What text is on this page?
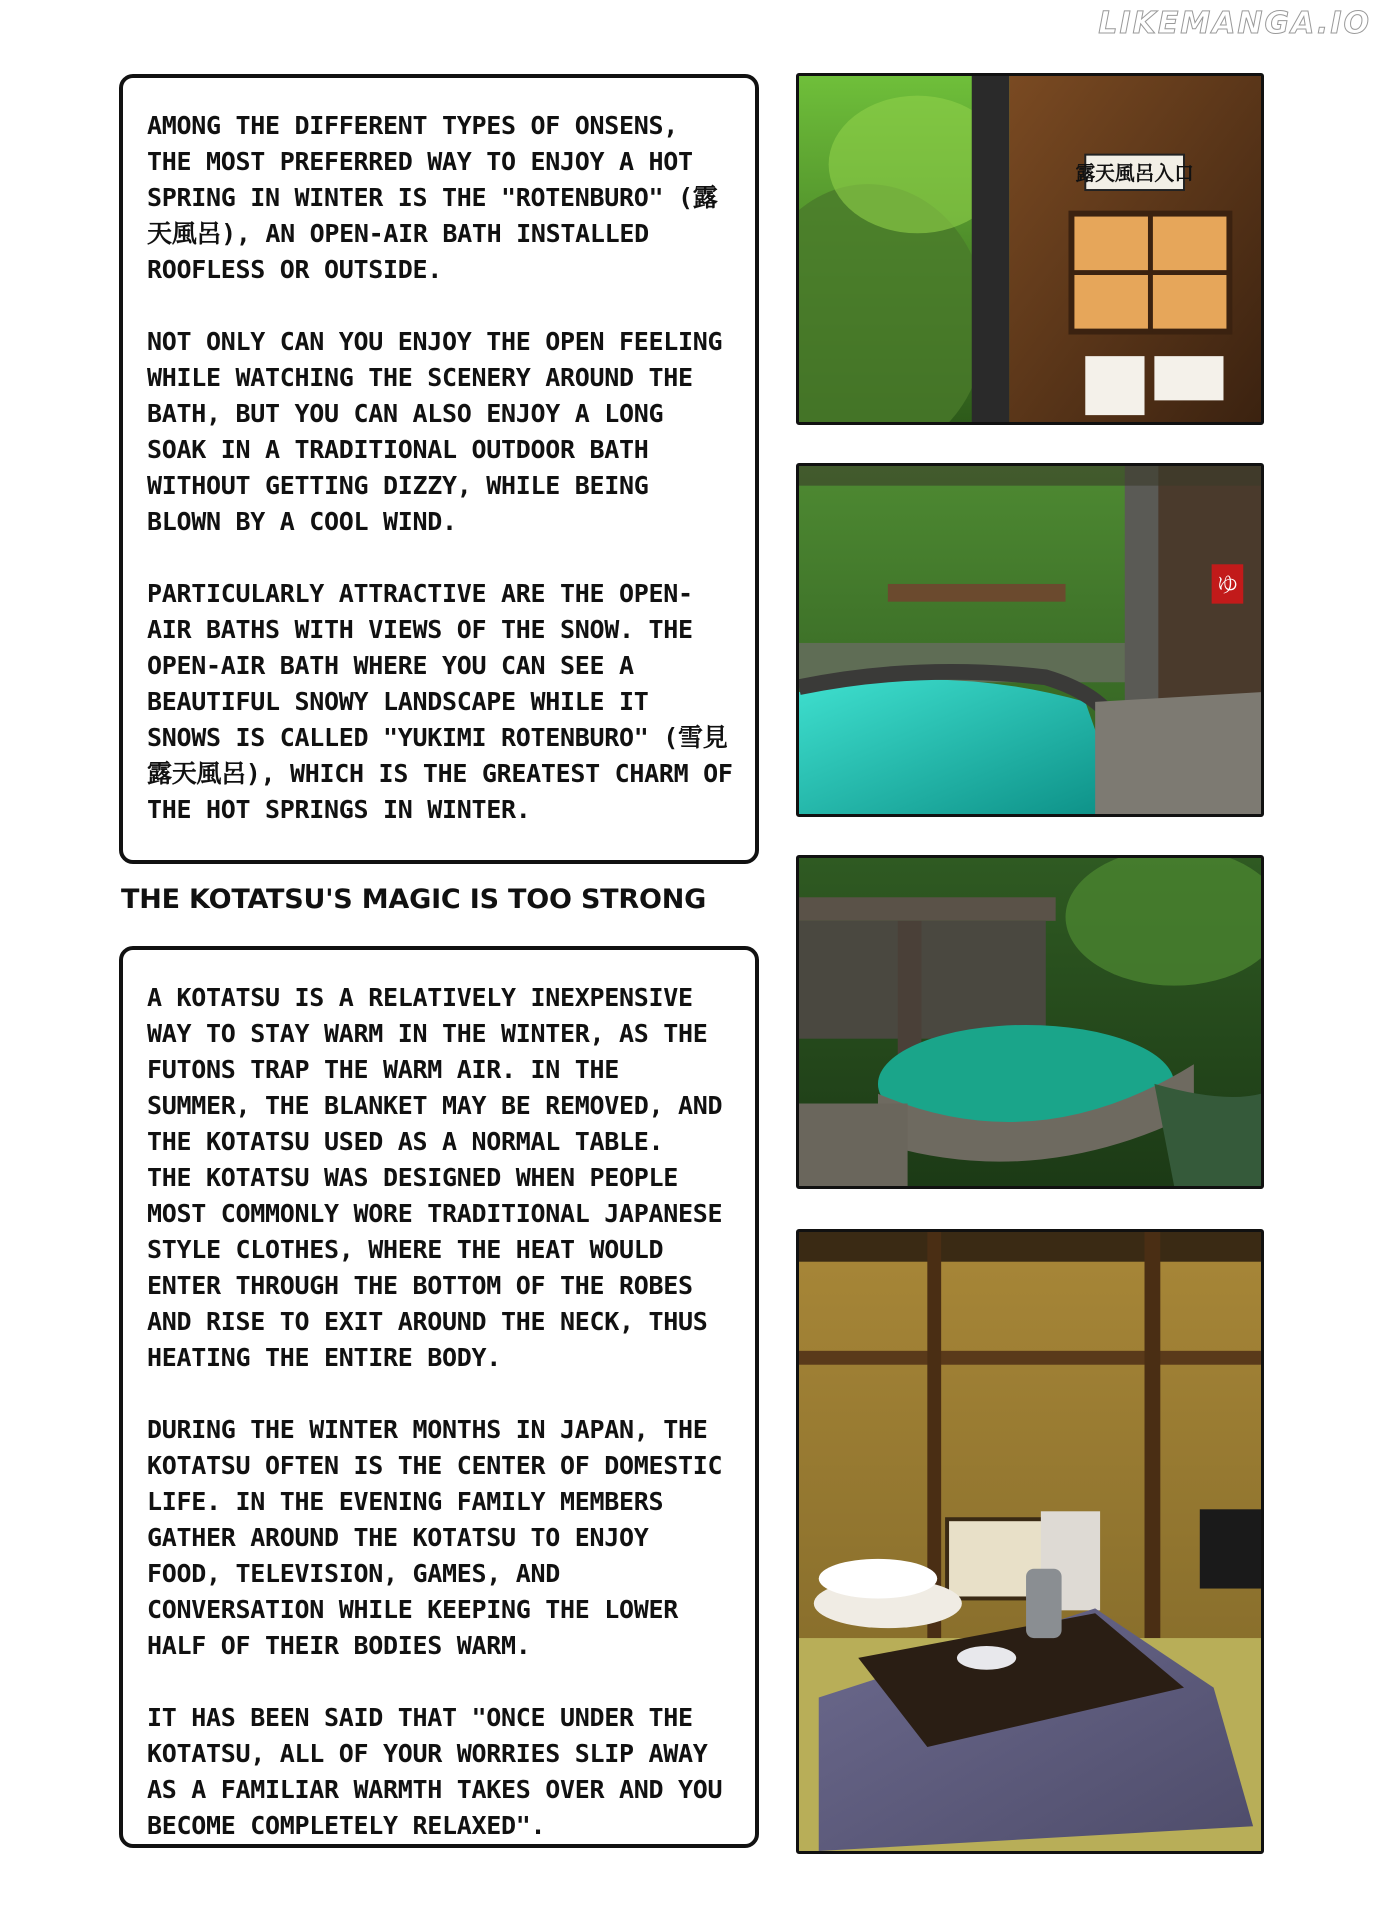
LIKEMANGA.IO

AMONG THE DIFFERENT TYPES OF ONSENS, THE MOST PREFERRED WAY TO ENJOY A HOT SPRING IN WINTER IS THE "ROTENBURO" (露天風呂), AN OPEN-AIR BATH INSTALLED ROOFLESS OR OUTSIDE.

NOT ONLY CAN YOU ENJOY THE OPEN FEELING WHILE WATCHING THE SCENERY AROUND THE BATH, BUT YOU CAN ALSO ENJOY A LONG SOAK IN A TRADITIONAL OUTDOOR BATH WITHOUT GETTING DIZZY, WHILE BEING BLOWN BY A COOL WIND.

PARTICULARLY ATTRACTIVE ARE THE OPEN-AIR BATHS WITH VIEWS OF THE SNOW. THE OPEN-AIR BATH WHERE YOU CAN SEE A BEAUTIFUL SNOWY LANDSCAPE WHILE IT SNOWS IS CALLED "YUKIMI ROTENBURO" (雪見露天風呂), WHICH IS THE GREATEST CHARM OF THE HOT SPRINGS IN WINTER.

THE KOTATSU'S MAGIC IS TOO STRONG

A KOTATSU IS A RELATIVELY INEXPENSIVE WAY TO STAY WARM IN THE WINTER, AS THE FUTONS TRAP THE WARM AIR. IN THE SUMMER, THE BLANKET MAY BE REMOVED, AND THE KOTATSU USED AS A NORMAL TABLE.
THE KOTATSU WAS DESIGNED WHEN PEOPLE MOST COMMONLY WORE TRADITIONAL JAPANESE STYLE CLOTHES, WHERE THE HEAT WOULD ENTER THROUGH THE BOTTOM OF THE ROBES AND RISE TO EXIT AROUND THE NECK, THUS HEATING THE ENTIRE BODY.

DURING THE WINTER MONTHS IN JAPAN, THE KOTATSU OFTEN IS THE CENTER OF DOMESTIC LIFE. IN THE EVENING FAMILY MEMBERS GATHER AROUND THE KOTATSU TO ENJOY FOOD, TELEVISION, GAMES, AND CONVERSATION WHILE KEEPING THE LOWER HALF OF THEIR BODIES WARM.

IT HAS BEEN SAID THAT "ONCE UNDER THE KOTATSU, ALL OF YOUR WORRIES SLIP AWAY AS A FAMILIAR WARMTH TAKES OVER AND YOU BECOME COMPLETELY RELAXED".

露天風呂入口
ゆ
